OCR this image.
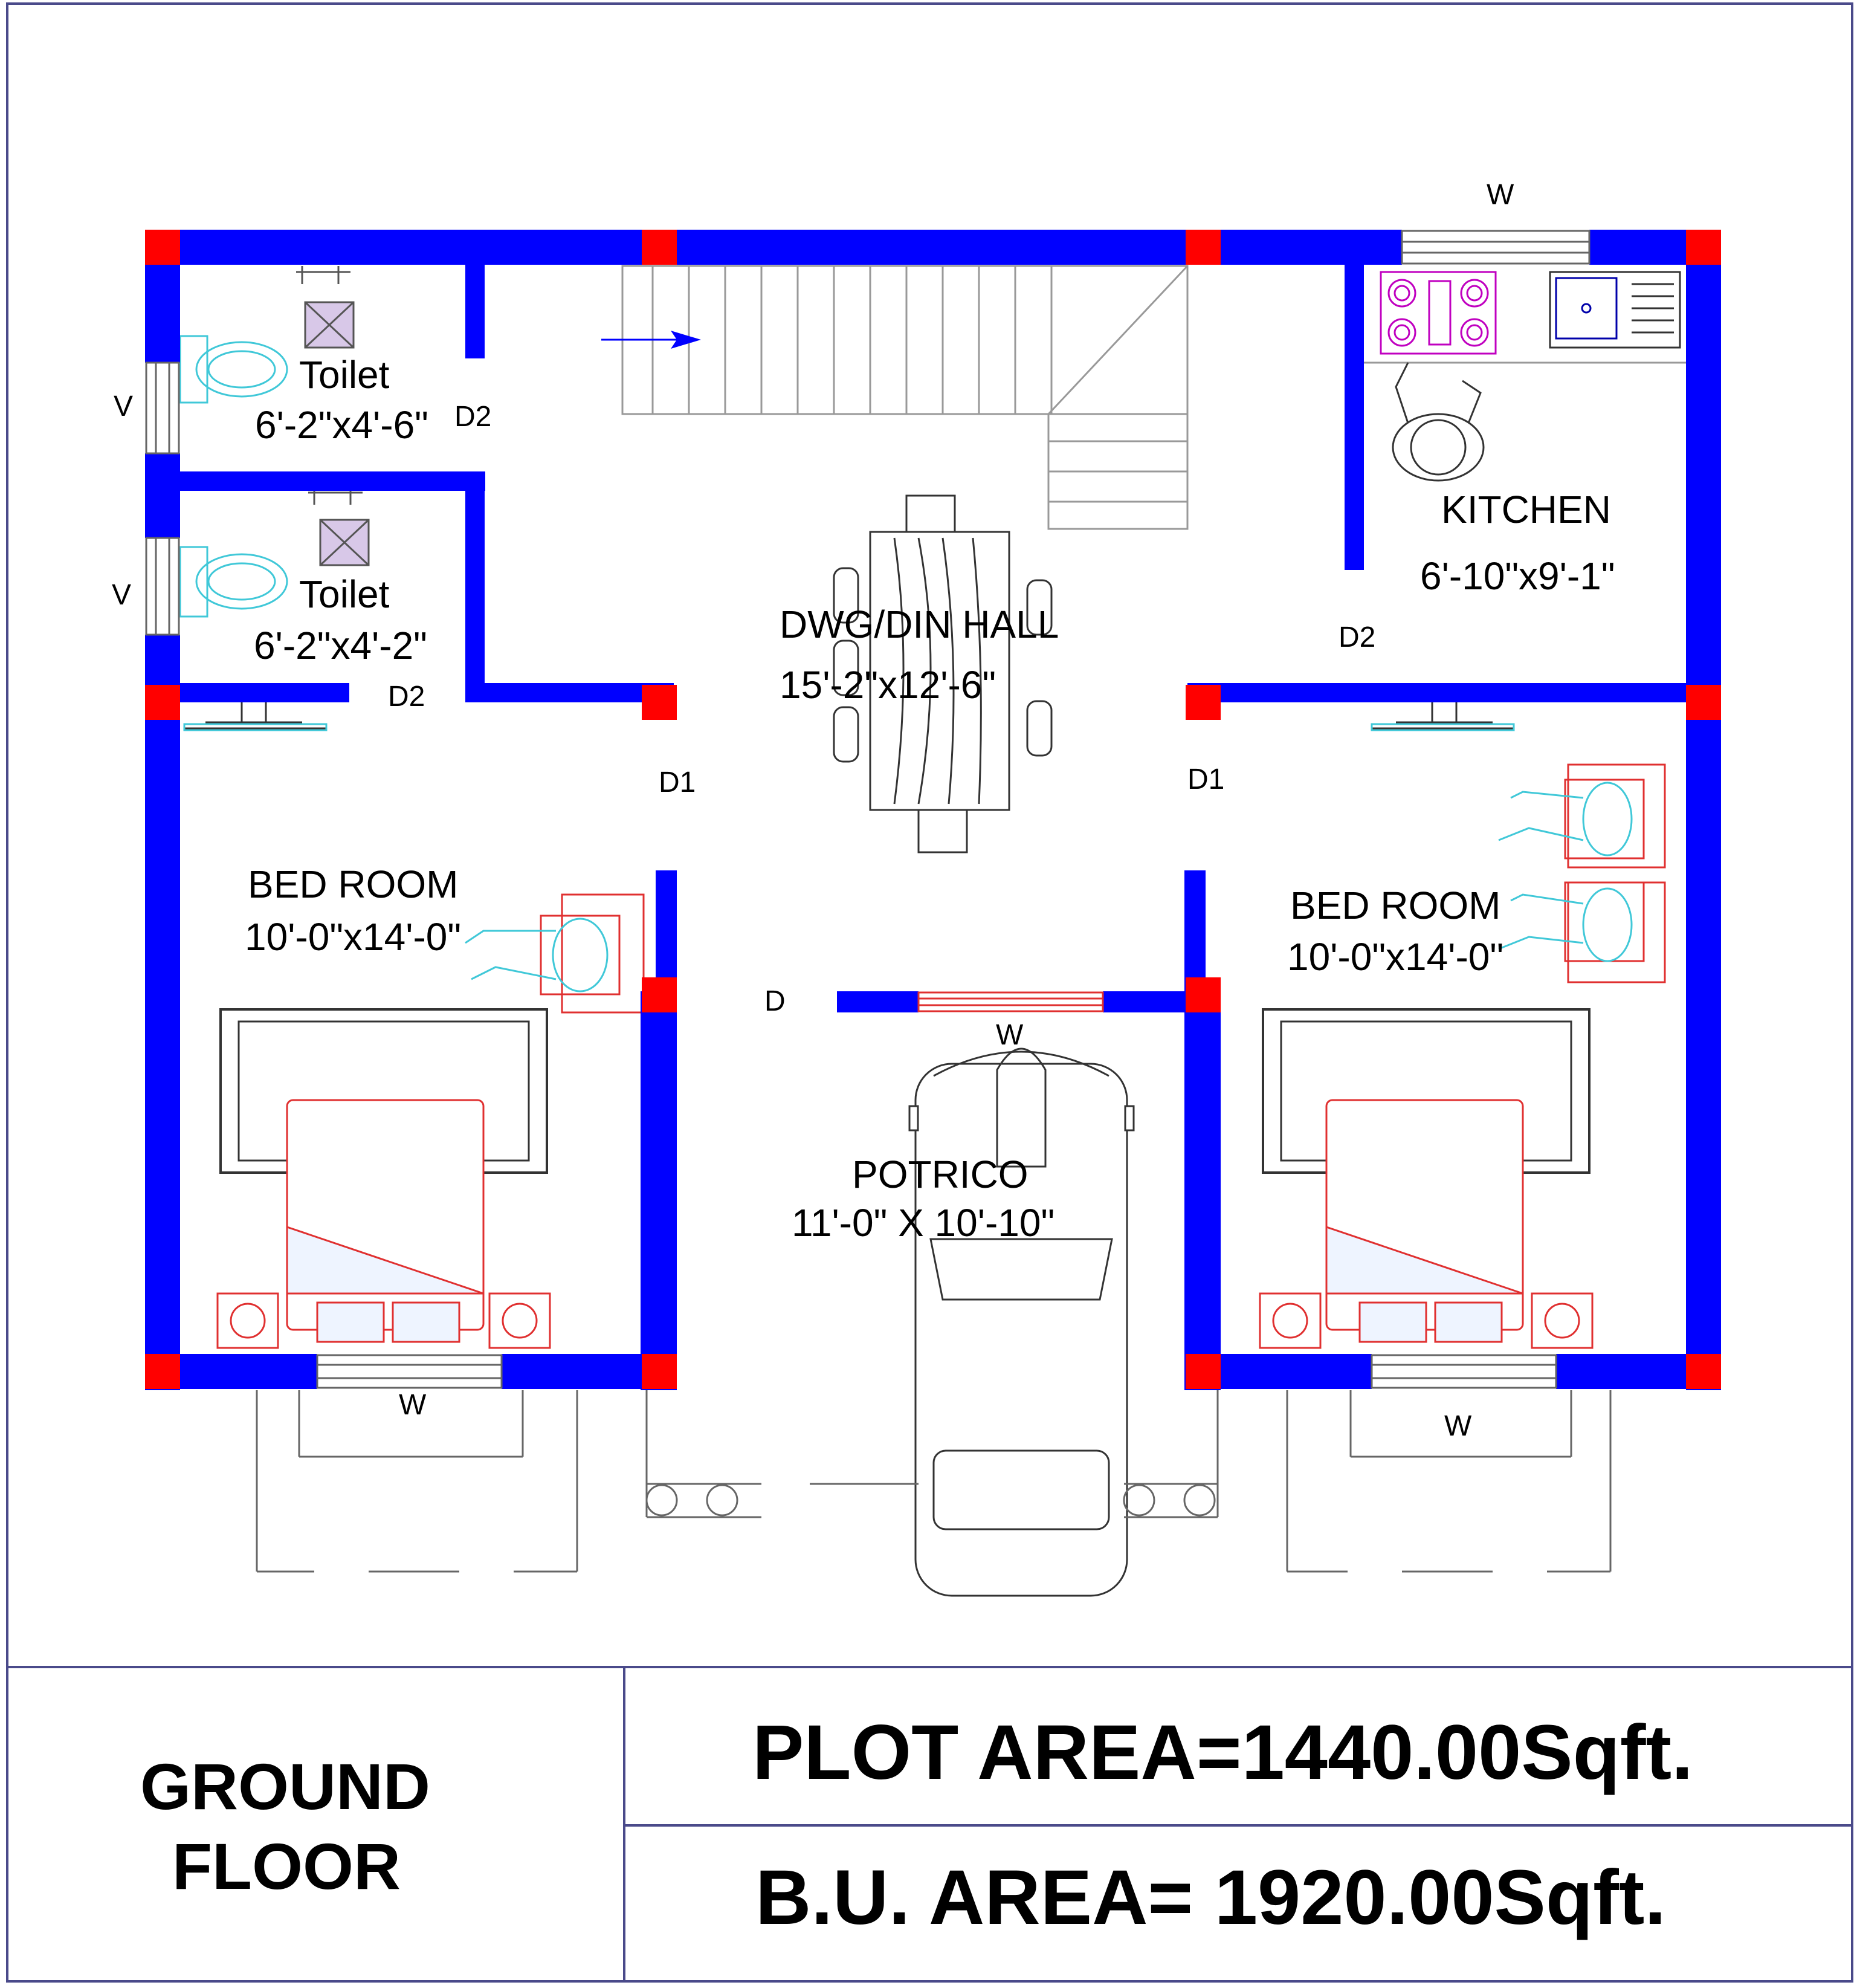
Toilet
6'-2"x4'-6"
Toilet
6'-2"x4'-2"	DWG/DIN HALL
15'-2"x12'-6"
KITCHEN
6'-10"x9'-1"
BED ROOM
10'-0"x14'-0"
BED ROOM
10'-0"x14'-0"
POTRICO
11'-0" X 10'-10"
V
V
W
W
W
W
D
D1	D1
D2
D2
D2
GROUND
FLOOR
PLOT AREA=1440.00Sqft.
B.U. AREA= 1920.00Sqft.
